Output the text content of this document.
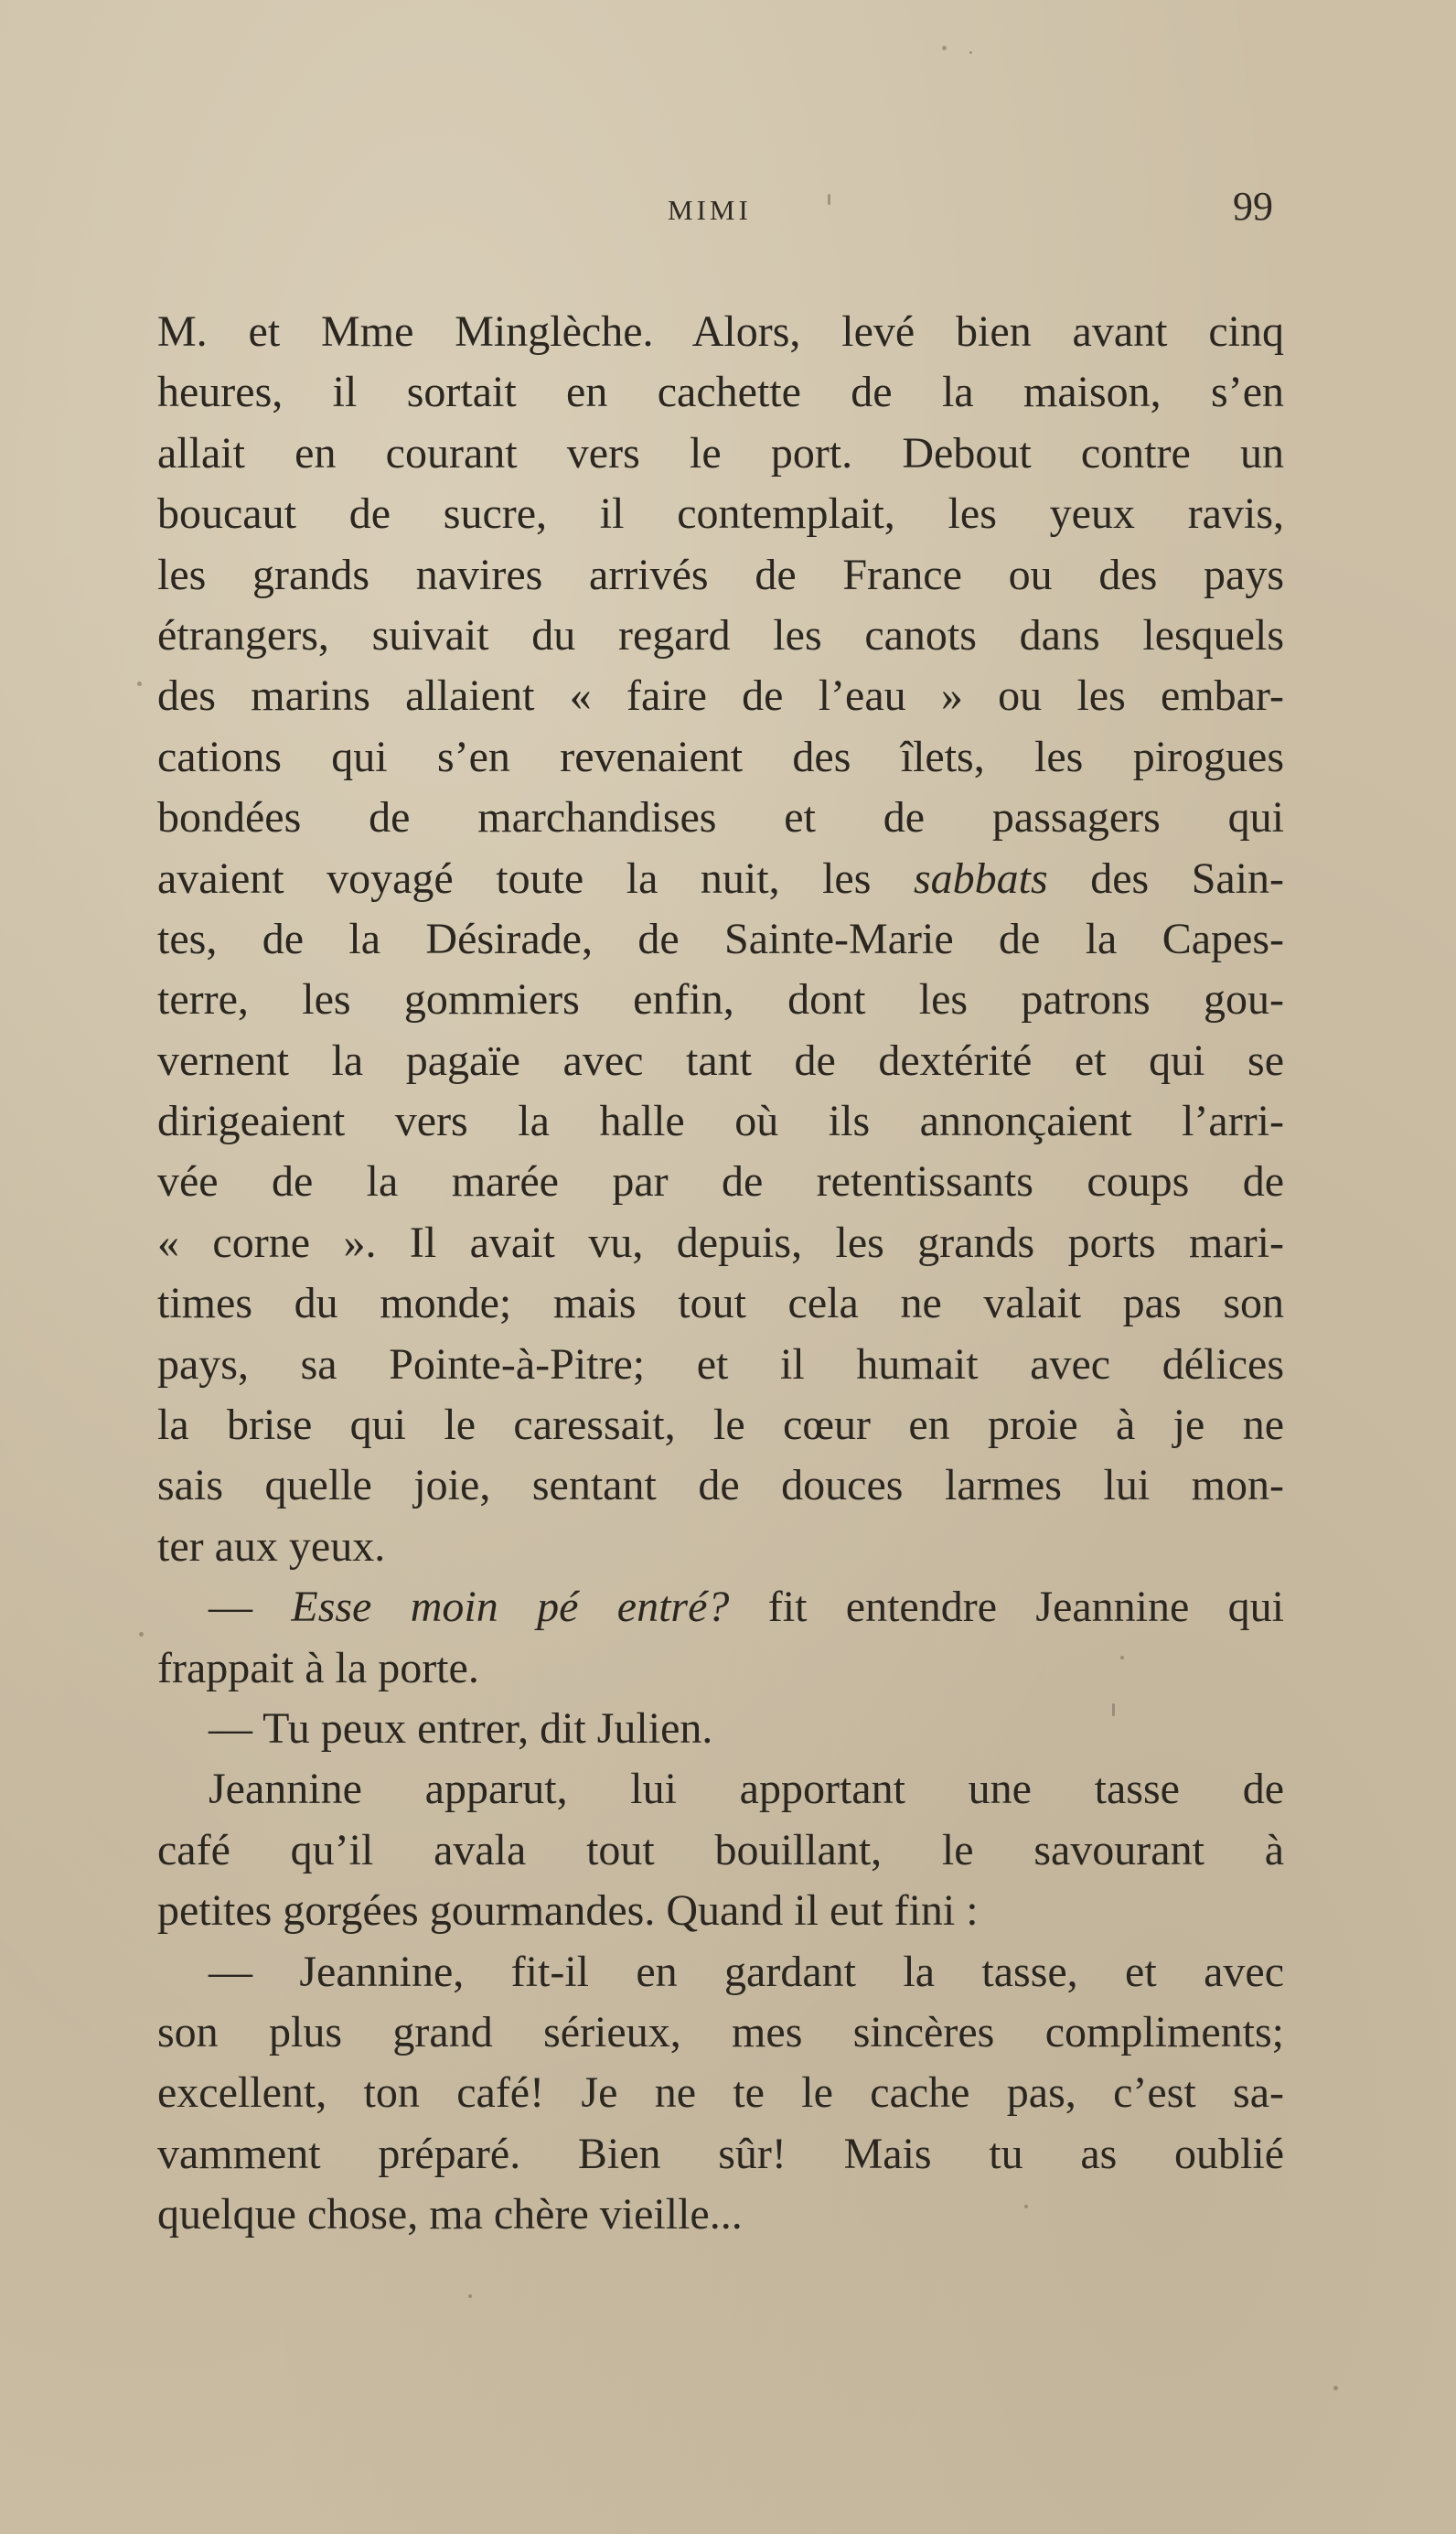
MIMI	99
M. et Mme Minglèche. Alors, levé bien avant cinq
heures, il sortait en cachette de la maison, s’en
allait en courant vers le port. Debout contre un
boucaut de sucre, il contemplait, les yeux ravis,
les grands navires arrivés de France ou des pays
étrangers, suivait du regard les canots dans lesquels
des marins allaient « faire de l’eau » ou les embar-
cations qui s’en revenaient des îlets, les pirogues
bondées de marchandises et de passagers qui
avaient voyagé toute la nuit, les sabbats des Sain-
tes, de la Désirade, de Sainte-Marie de la Capes-
terre, les gommiers enfin, dont les patrons gou-
vernent la pagaïe avec tant de dextérité et qui se
dirigeaient vers la halle où ils annonçaient l’arri-
vée de la marée par de retentissants coups de
« corne ». Il avait vu, depuis, les grands ports mari-
times du monde; mais tout cela ne valait pas son
pays, sa Pointe-à-Pitre; et il humait avec délices
la brise qui le caressait, le cœur en proie à je ne
sais quelle joie, sentant de douces larmes lui mon-
ter aux yeux.
— Esse moin pé entré? fit entendre Jeannine qui
frappait à la porte.
— Tu peux entrer, dit Julien.
Jeannine apparut, lui apportant une tasse de
café qu’il avala tout bouillant, le savourant à
petites gorgées gourmandes. Quand il eut fini :
— Jeannine, fit-il en gardant la tasse, et avec
son plus grand sérieux, mes sincères compliments;
excellent, ton café! Je ne te le cache pas, c’est sa-
vamment préparé. Bien sûr! Mais tu as oublié
quelque chose, ma chère vieille...
